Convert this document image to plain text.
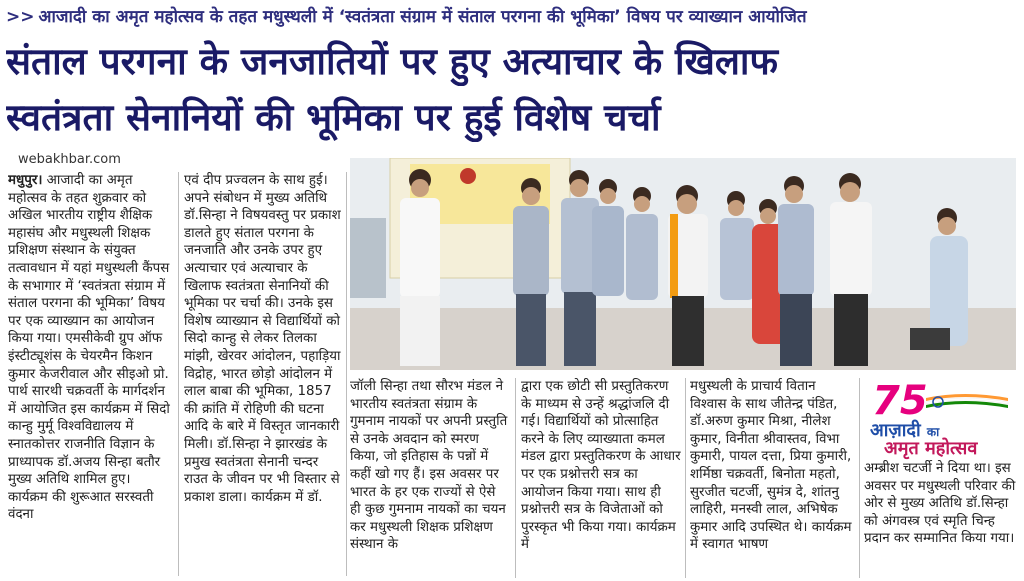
>> आजादी का अमृत महोत्सव के तहत मधुस्थली में ‘स्वतंत्रता संग्राम में संताल परगना की भूमिका’ विषय पर व्याख्यान आयोजित
संताल परगना के जनजातियों पर हुए अत्याचार के खिलाफ
स्वतंत्रता सेनानियों की भूमिका पर हुई विशेष चर्चा
webakhbar.com
मधुपुर। आजादी का अमृत महोत्सव के तहत शुक्रवार को अखिल भारतीय राष्ट्रीय शैक्षिक महासंघ और मधुस्थली शिक्षक प्रशिक्षण संस्थान के संयुक्त तत्वावधान में यहां मधुस्थली कैंपस के सभागार में ‘स्वतंत्रता संग्राम में संताल परगना की भूमिका’ विषय पर एक व्याख्यान का आयोजन किया गया। एमसीकेवी ग्रुप ऑफ इंस्टीट्यूशंस के चेयरमैन किशन कुमार केजरीवाल और सीइओ प्रो. पार्थ सारथी चक्रवर्ती के मार्गदर्शन में आयोजित इस कार्यक्रम में सिदो कान्हु मुर्मू विश्वविद्यालय में स्नातकोत्तर राजनीति विज्ञान के प्राध्यापक डॉ.अजय सिन्हा बतौर मुख्य अतिथि शामिल हुए। कार्यक्रम की शुरूआत सरस्वती वंदना
एवं दीप प्रज्वलन के साथ हुई। अपने संबोधन में मुख्य अतिथि डॉ.सिन्हा ने विषयवस्तु पर प्रकाश डालते हुए संताल परगना के जनजाति और उनके उपर हुए अत्याचार एवं अत्याचार के खिलाफ स्वतंत्रता सेनानियों की भूमिका पर चर्चा की। उनके इस विशेष व्याख्यान से विद्यार्थियों को सिदो कान्हु से लेकर तिलका मांझी, खेरवर आंदोलन, पहाड़िया विद्रोह, भारत छोड़ो आंदोलन में लाल बाबा की भूमिका, 1857 की क्रांति में रोहिणी की घटना आदि के बारे में विस्तृत जानकारी मिली। डॉ.सिन्हा ने झारखंड के प्रमुख स्वतंत्रता सेनानी चन्दर राउत के जीवन पर भी विस्तार से प्रकाश डाला। कार्यक्रम में डॉ.
जॉली सिन्हा तथा सौरभ मंडल ने भारतीय स्वतंत्रता संग्राम के गुमनाम नायकों पर अपनी प्रस्तुति से उनके अवदान को स्मरण किया, जो इतिहास के पन्नों में कहीं खो गए हैं। इस अवसर पर भारत के हर एक राज्यों से ऐसे ही कुछ गुमनाम नायकों का चयन कर मधुस्थली शिक्षक प्रशिक्षण संस्थान के
द्वारा एक छोटी सी प्रस्तुतिकरण के माध्यम से उन्हें श्रद्धांजलि दी गई। विद्यार्थियों को प्रोत्साहित करने के लिए व्याख्याता कमल मंडल द्वारा प्रस्तुतिकरण के आधार पर एक प्रश्नोत्तरी सत्र का आयोजन किया गया। साथ ही प्रश्नोत्तरी सत्र के विजेताओं को पुरस्कृत भी किया गया। कार्यक्रम में
मधुस्थली के प्राचार्य वितान विश्वास के साथ जीतेन्द्र पंडित, डॉ.अरुण कुमार मिश्रा, नीलेश कुमार, विनीता श्रीवास्तव, विभा कुमारी, पायल दत्ता, प्रिया कुमारी, शर्मिष्ठा चक्रवर्ती, बिनोता महतो, सुरजीत चटर्जी, सुमंत्र दे, शांतनु लाहिरी, मनस्वी लाल, अभिषेक कुमार आदि उपस्थित थे। कार्यक्रम में स्वागत भाषण
75
आज़ादी का
अमृत महोत्सव
अम्ब्रीश चटर्जी ने दिया था। इस अवसर पर मधुस्थली परिवार की ओर से मुख्य अतिथि डॉ.सिन्हा को अंगवस्त्र एवं स्मृति चिन्ह प्रदान कर सम्मानित किया गया।
